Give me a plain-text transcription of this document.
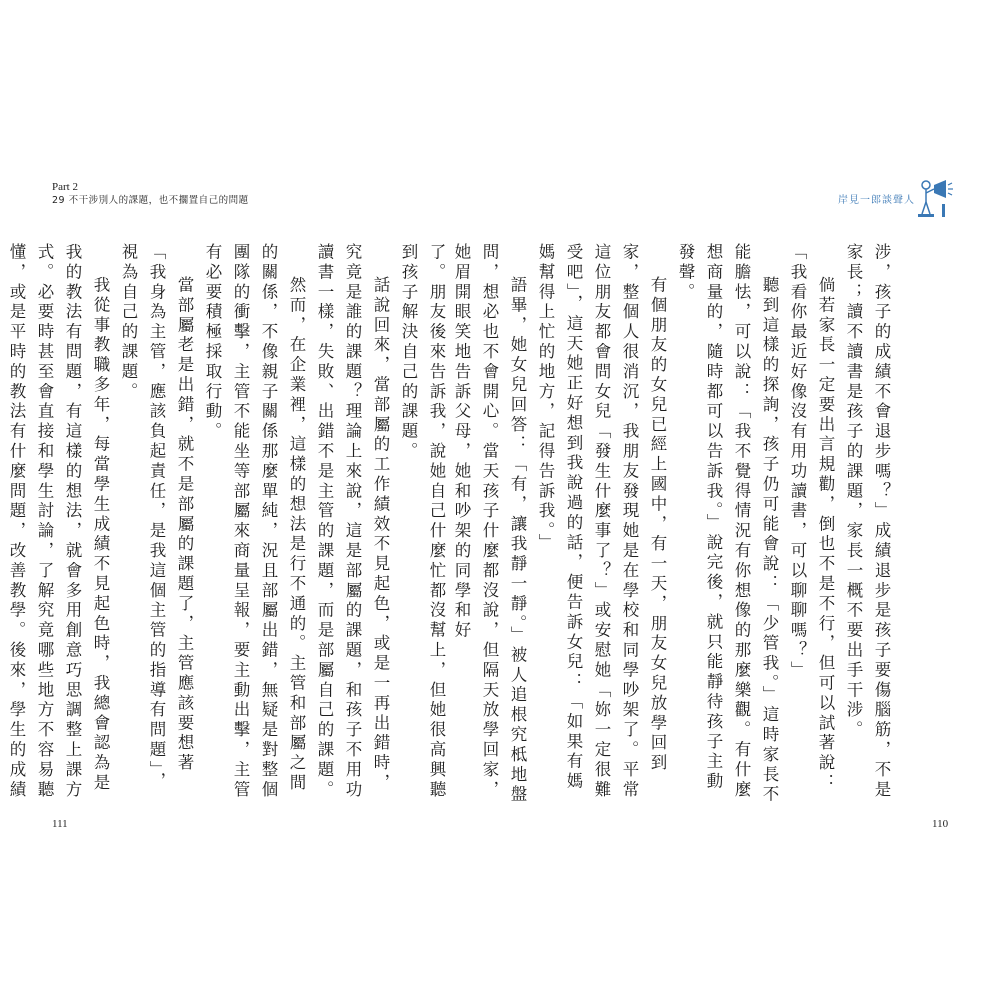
Part 2
29 不干涉別人的課題，也不擱置自己的問題	岸見一郎談聲人

了。朋友後來告訴我，說她自己什麼忙都沒幫上，但她很高興聽到孩子解決自己的課題。

話說回來，當部屬的工作績效不見起色，或是一再出錯時，究竟是誰的課題？理論上來說，這是部屬的課題，和孩子不用功讀書一樣，失敗、出錯不是主管的課題，而是部屬自己的課題。

然而，在企業裡，這樣的想法是行不通的。主管和部屬之間的關係，不像親子關係那麼單純，況且部屬出錯，無疑是對整個團隊的衝擊，主管不能坐等部屬來商量呈報，要主動出擊，主管有必要積極採取行動。

當部屬老是出錯，就不是部屬的課題了，主管應該要想著「我身為主管，應該負起責任，是我這個主管的指導有問題」，視為自己的課題。

我從事教職多年，每當學生成績不見起色時，我總會認為是我的教法有問題，有這樣的想法，就會多用創意巧思調整上課方式。必要時甚至會直接和學生討論，了解究竟哪些地方不容易聽懂，或是平時的教法有什麼問題，改善教學。後來，學生的成績	涉，孩子的成績不會退步嗎？」成績退步是孩子要傷腦筋，不是家長；讀不讀書是孩子的課題，家長一概不要出手干涉。

倘若家長一定要出言規勸，倒也不是不行，但可以試著說：「我看你最近好像沒有用功讀書，可以聊聊嗎？」

聽到這樣的探詢，孩子仍可能會說：「少管我。」這時家長不能膽怯，可以說：「我不覺得情況有你想像的那麼樂觀。有什麼想商量的，隨時都可以告訴我。」說完後，就只能靜待孩子主動發聲。

有個朋友的女兒已經上國中，有一天，朋友女兒放學回到家，整個人很消沉，我朋友發現她是在學校和同學吵架了。平常這位朋友都會問女兒「發生什麼事了？」或安慰她「妳一定很難受吧」，這天她正好想到我說過的話，便告訴女兒：「如果有媽媽幫得上忙的地方，記得告訴我。」

語畢，她女兒回答：「有，讓我靜一靜。」被人追根究柢地盤問，想必也不會開心。當天孩子什麼都沒說，但隔天放學回家，她眉開眼笑地告訴父母，她和吵架的同學和好

111	110
